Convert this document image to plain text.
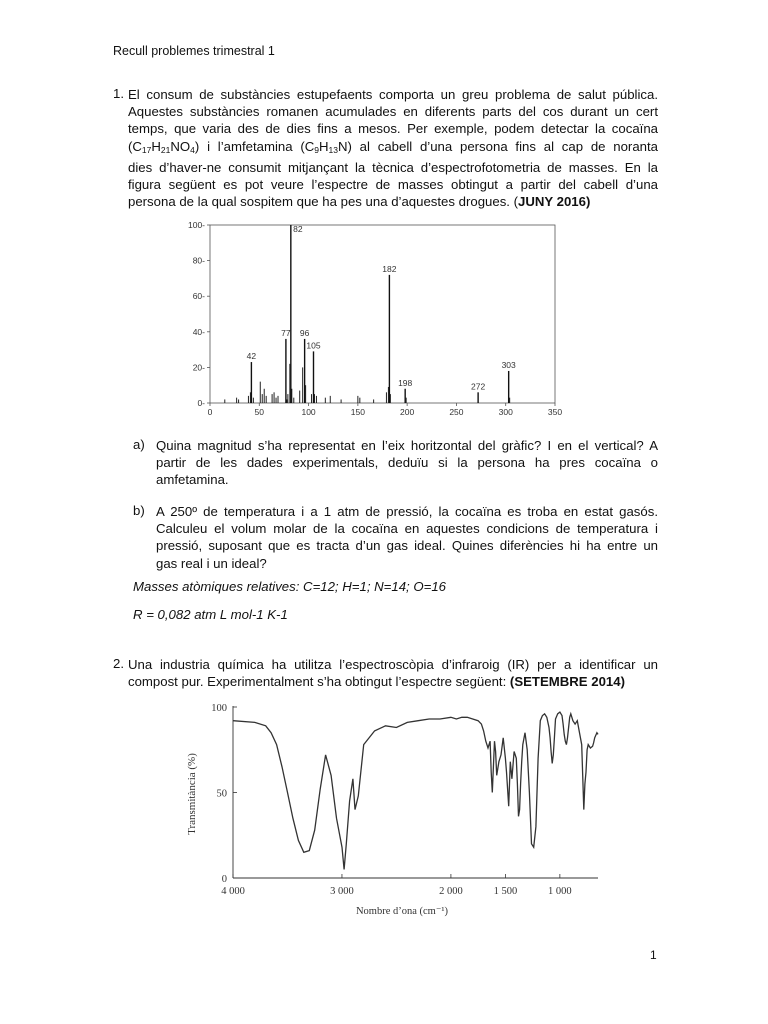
Recull problemes trimestral 1
1. El consum de substàncies estupefaents comporta un greu problema de salut pública.
Aquestes substàncies romanen acumulades en diferents parts del cos durant un cert
temps, que varia des de dies fins a mesos. Per exemple, podem detectar la cocaïna
$(C_{17}H_{21}NO_4)$ i l’amfetamina $(C_9H_{13}N)$ al cabell d’una persona fins al cap de noranta
dies d’haver-ne consumit mitjançant la tècnica d’espectrofotometria de masses. En la
figura següent es pot veure l’espectre de masses obtingut a partir del cabell d’una
persona de la qual sospitem que ha pes una d’aquestes drogues. (JUNY 2016)
0-
20-
40-
60-
80-
100-
0	50	100	150	200	250	300	350
42
77
82
96
105
182
198	272
303
a) Quina magnitud s’ha representat en l’eix horitzontal del gràfic? I en el vertical? A
partir de les dades experimentals, deduïu si la persona ha pres cocaïna o
amfetamina.
b) A 250º de temperatura i a 1 atm de pressió, la cocaïna es troba en estat gasós.
Calculeu el volum molar de la cocaïna en aquestes condicions de temperatura i
pressió, suposant que es tracta d’un gas ideal. Quines diferències hi ha entre un
gas real i un ideal?
Masses atòmiques relatives: C=12; H=1; N=14; O=16
R = 0,082 atm L mol-1 K-1
2. Una industria química ha utilitza l’espectroscòpia d’infraroig (IR) per a identificar un
compost pur. Experimentalment s’ha obtingut l’espectre següent: (SETEMBRE 2014)
0
50
100
4 000	3 000	2 000	1 500	1 000
Transmitància (%)
Nombre d’ona (cm⁻¹)
1
